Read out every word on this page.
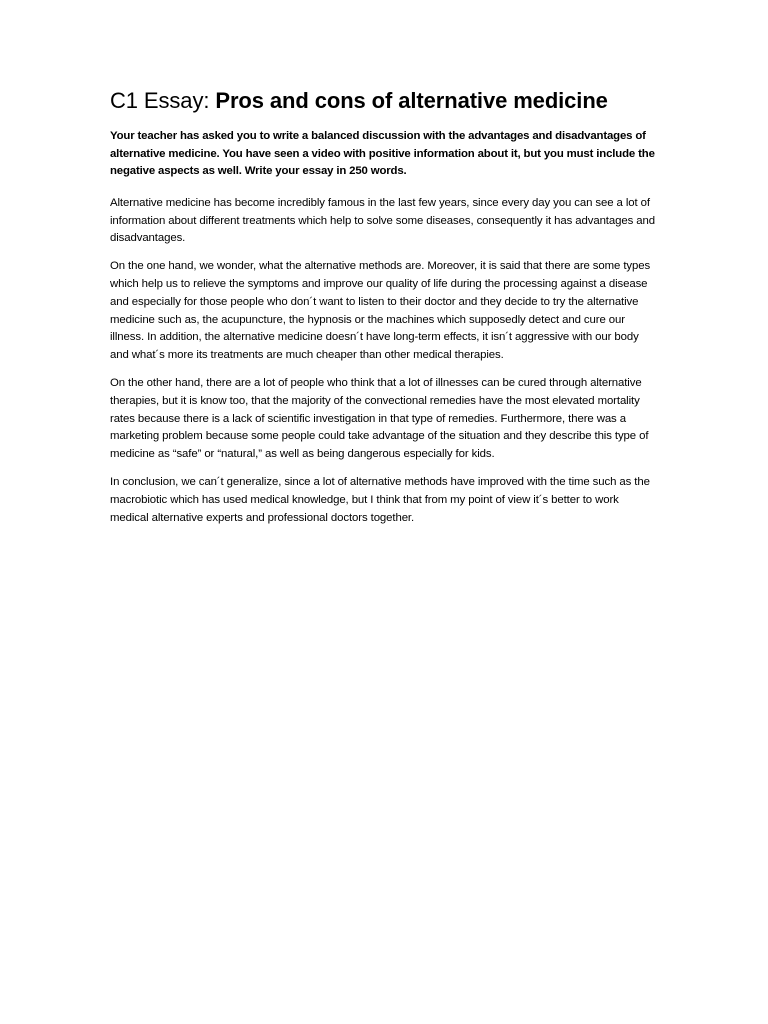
C1 Essay: Pros and cons of alternative medicine

Your teacher has asked you to write a balanced discussion with the advantages and disadvantages of alternative medicine. You have seen a video with positive information about it, but you must include the negative aspects as well. Write your essay in 250 words.

Alternative medicine has become incredibly famous in the last few years, since every day you can see a lot of information about different treatments which help to solve some diseases, consequently it has advantages and disadvantages.

On the one hand, we wonder, what the alternative methods are. Moreover, it is said that there are some types which help us to relieve the symptoms and improve our quality of life during the processing against a disease and especially for those people who don´t want to listen to their doctor and they decide to try the alternative medicine such as, the acupuncture, the hypnosis or the machines which supposedly detect and cure our illness. In addition, the alternative medicine doesn´t have long-term effects, it isn´t aggressive with our body and what´s more its treatments are much cheaper than other medical therapies.

On the other hand, there are a lot of people who think that a lot of illnesses can be cured through alternative therapies, but it is know too, that the majority of the convectional remedies have the most elevated mortality rates because there is a lack of scientific investigation in that type of remedies. Furthermore, there was a marketing problem because some people could take advantage of the situation and they describe this type of medicine as “safe” or “natural,” as well as being dangerous especially for kids.

In conclusion, we can´t generalize, since a lot of alternative methods have improved with the time such as the macrobiotic which has used medical knowledge, but I think that from my point of view it´s better to work medical alternative experts and professional doctors together.
